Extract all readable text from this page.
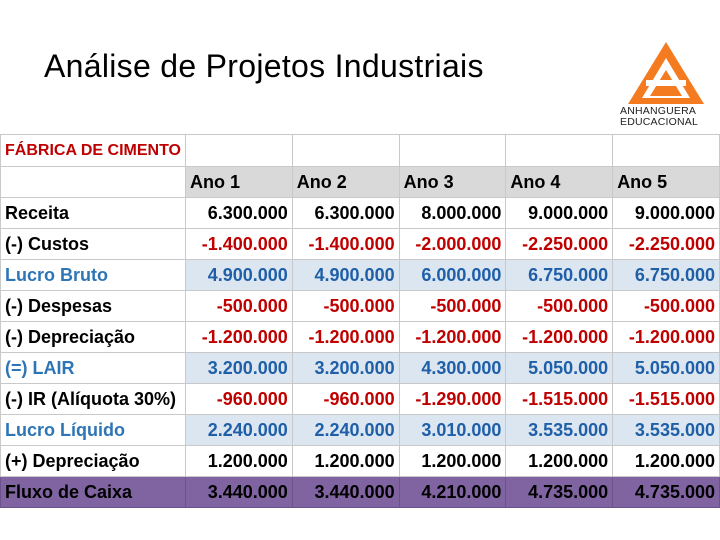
Análise de Projetos Industriais
ANHANGUERA
EDUCACIONAL
FÁBRICA DE CIMENTO					
	Ano 1	Ano 2	Ano 3	Ano 4	Ano 5
Receita	6.300.000	6.300.000	8.000.000	9.000.000	9.000.000
(-) Custos	-1.400.000	-1.400.000	-2.000.000	-2.250.000	-2.250.000
Lucro Bruto	4.900.000	4.900.000	6.000.000	6.750.000	6.750.000
(-) Despesas	-500.000	-500.000	-500.000	-500.000	-500.000
(-) Depreciação	-1.200.000	-1.200.000	-1.200.000	-1.200.000	-1.200.000
(=) LAIR	3.200.000	3.200.000	4.300.000	5.050.000	5.050.000
(-) IR (Alíquota 30%)	-960.000	-960.000	-1.290.000	-1.515.000	-1.515.000
Lucro Líquido	2.240.000	2.240.000	3.010.000	3.535.000	3.535.000
(+) Depreciação	1.200.000	1.200.000	1.200.000	1.200.000	1.200.000
Fluxo de Caixa	3.440.000	3.440.000	4.210.000	4.735.000	4.735.000
